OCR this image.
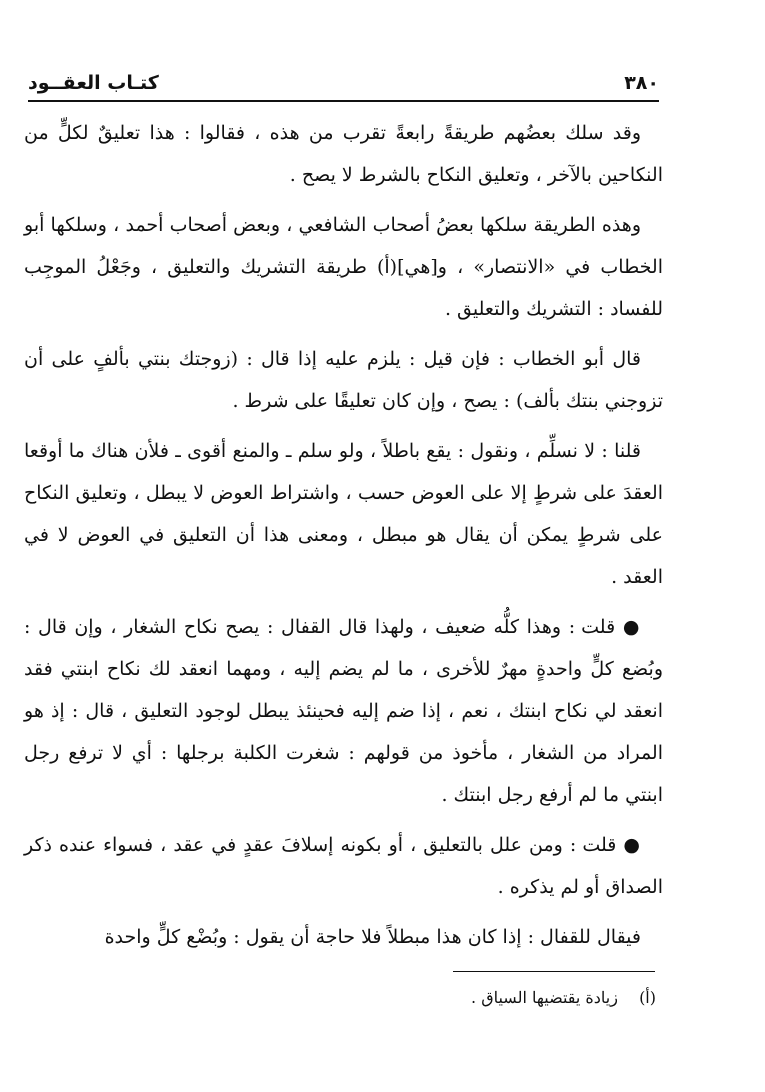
كتـاب العقــود	٣٨٠

وقد سلك بعضُهم طريقةً رابعةً تقرب من هذه ، فقالوا : هذا تعليقٌ لكلٍّ من النكاحين بالآخر ، وتعليق النكاح بالشرط لا يصح .

وهذه الطريقة سلكها بعضُ أصحاب الشافعي ، وبعض أصحاب أحمد ، وسلكها أبو الخطاب في «الانتصار» ، و[هي](أ) طريقة التشريك والتعليق ، وجَعْلُ الموجِب للفساد : التشريك والتعليق .

قال أبو الخطاب : فإن قيل : يلزم عليه إذا قال : (زوجتك بنتي بألفٍ على أن تزوجني بنتك بألف) : يصح ، وإن كان تعليقًا على شرط .

قلنا : لا نسلِّم ، ونقول : يقع باطلاً ، ولو سلم ـ والمنع أقوى ـ فلأن هناك ما أوقعا العقدَ على شرطٍ إلا على العوض حسب ، واشتراط العوض لا يبطل ، وتعليق النكاح على شرطٍ يمكن أن يقال هو مبطل ، ومعنى هذا أن التعليق في العوض لا في العقد .

● قلت : وهذا كلُّه ضعيف ، ولهذا قال القفال : يصح نكاح الشغار ، وإن قال : وبُضع كلٍّ واحدةٍ مهرٌ للأخرى ، ما لم يضم إليه ، ومهما انعقد لك نكاح ابنتي فقد انعقد لي نكاح ابنتك ، نعم ، إذا ضم إليه فحينئذ يبطل لوجود التعليق ، قال : إذ هو المراد من الشغار ، مأخوذ من قولهم : شغرت الكلبة برجلها : أي لا ترفع رجل ابنتي ما لم أرفع رجل ابنتك .

● قلت : ومن علل بالتعليق ، أو بكونه إسلافَ عقدٍ في عقد ، فسواء عنده ذكر الصداق أو لم يذكره .

فيقال للقفال : إذا كان هذا مبطلاً فلا حاجة أن يقول : وبُضْع كلٍّ واحدة

(أ) زيادة يقتضيها السياق .
